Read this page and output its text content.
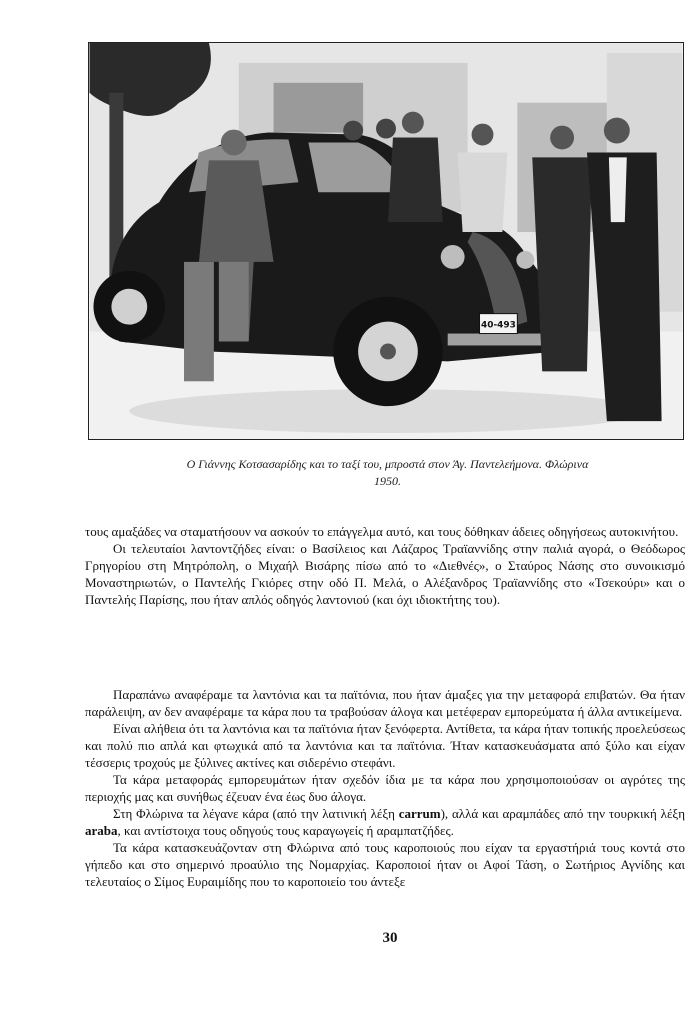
40-493
Ο Γιάννης Κοτσασαρίδης και το ταξί του, μπροστά στον Άγ. Παντελεήμονα. Φλώρινα
1950.

τους αμαξάδες να σταματήσουν να ασκούν το επάγγελμα αυτό, και τους δόθηκαν άδειες οδηγήσεως αυτοκινήτου.

Οι τελευταίοι λαντοντζήδες είναι: ο Βασίλειος και Λάζαρος Τραϊαννίδης στην παλιά αγορά, ο Θεόδωρος Γρηγορίου στη Μητρόπολη, ο Μιχαήλ Βισάρης πίσω από το «Διεθνές», ο Σταύρος Νάσης στο συνοικισμό Μοναστηριωτών, ο Παντελής Γκιόρες στην οδό Π. Μελά, ο Αλέξανδρος Τραϊαννίδης στο «Τσεκούρι» και ο Παντελής Παρίσης, που ήταν απλός οδηγός λαντονιού (και όχι ιδιοκτήτης του).

Παραπάνω αναφέραμε τα λαντόνια και τα παϊτόνια, που ήταν άμαξες για την μεταφορά επιβατών. Θα ήταν παράλειψη, αν δεν αναφέραμε τα κάρα που τα τραβούσαν άλογα και μετέφεραν εμπορεύματα ή άλλα αντικείμενα.

Είναι αλήθεια ότι τα λαντόνια και τα παϊτόνια ήταν ξενόφερτα. Αντίθετα, τα κάρα ήταν τοπικής προελεύσεως και πολύ πιο απλά και φτωχικά από τα λαντόνια και τα παϊτόνια. Ήταν κατασκευάσματα από ξύλο και είχαν τέσσερις τροχούς με ξύλινες ακτίνες και σιδερένιο στεφάνι.

Τα κάρα μεταφοράς εμπορευμάτων ήταν σχεδόν ίδια με τα κάρα που χρησιμοποιούσαν οι αγρότες της περιοχής μας και συνήθως έζευαν ένα έως δυο άλογα.

Στη Φλώρινα τα λέγανε κάρα (από την λατινική λέξη carrum), αλλά και αραμπάδες από την τουρκική λέξη araba, και αντίστοιχα τους οδηγούς τους καραγωγείς ή αραμπατζήδες.

Τα κάρα κατασκευάζονταν στη Φλώρινα από τους καροποιούς που είχαν τα εργαστήριά τους κοντά στο γήπεδο και στο σημερινό προαύλιο της Νομαρχίας. Καροποιοί ήταν οι Αφοί Τάση, ο Σωτήριος Αγνίδης και τελευταίος ο Σίμος Ευραιμίδης που το καροποιείο του άντεξε

30
